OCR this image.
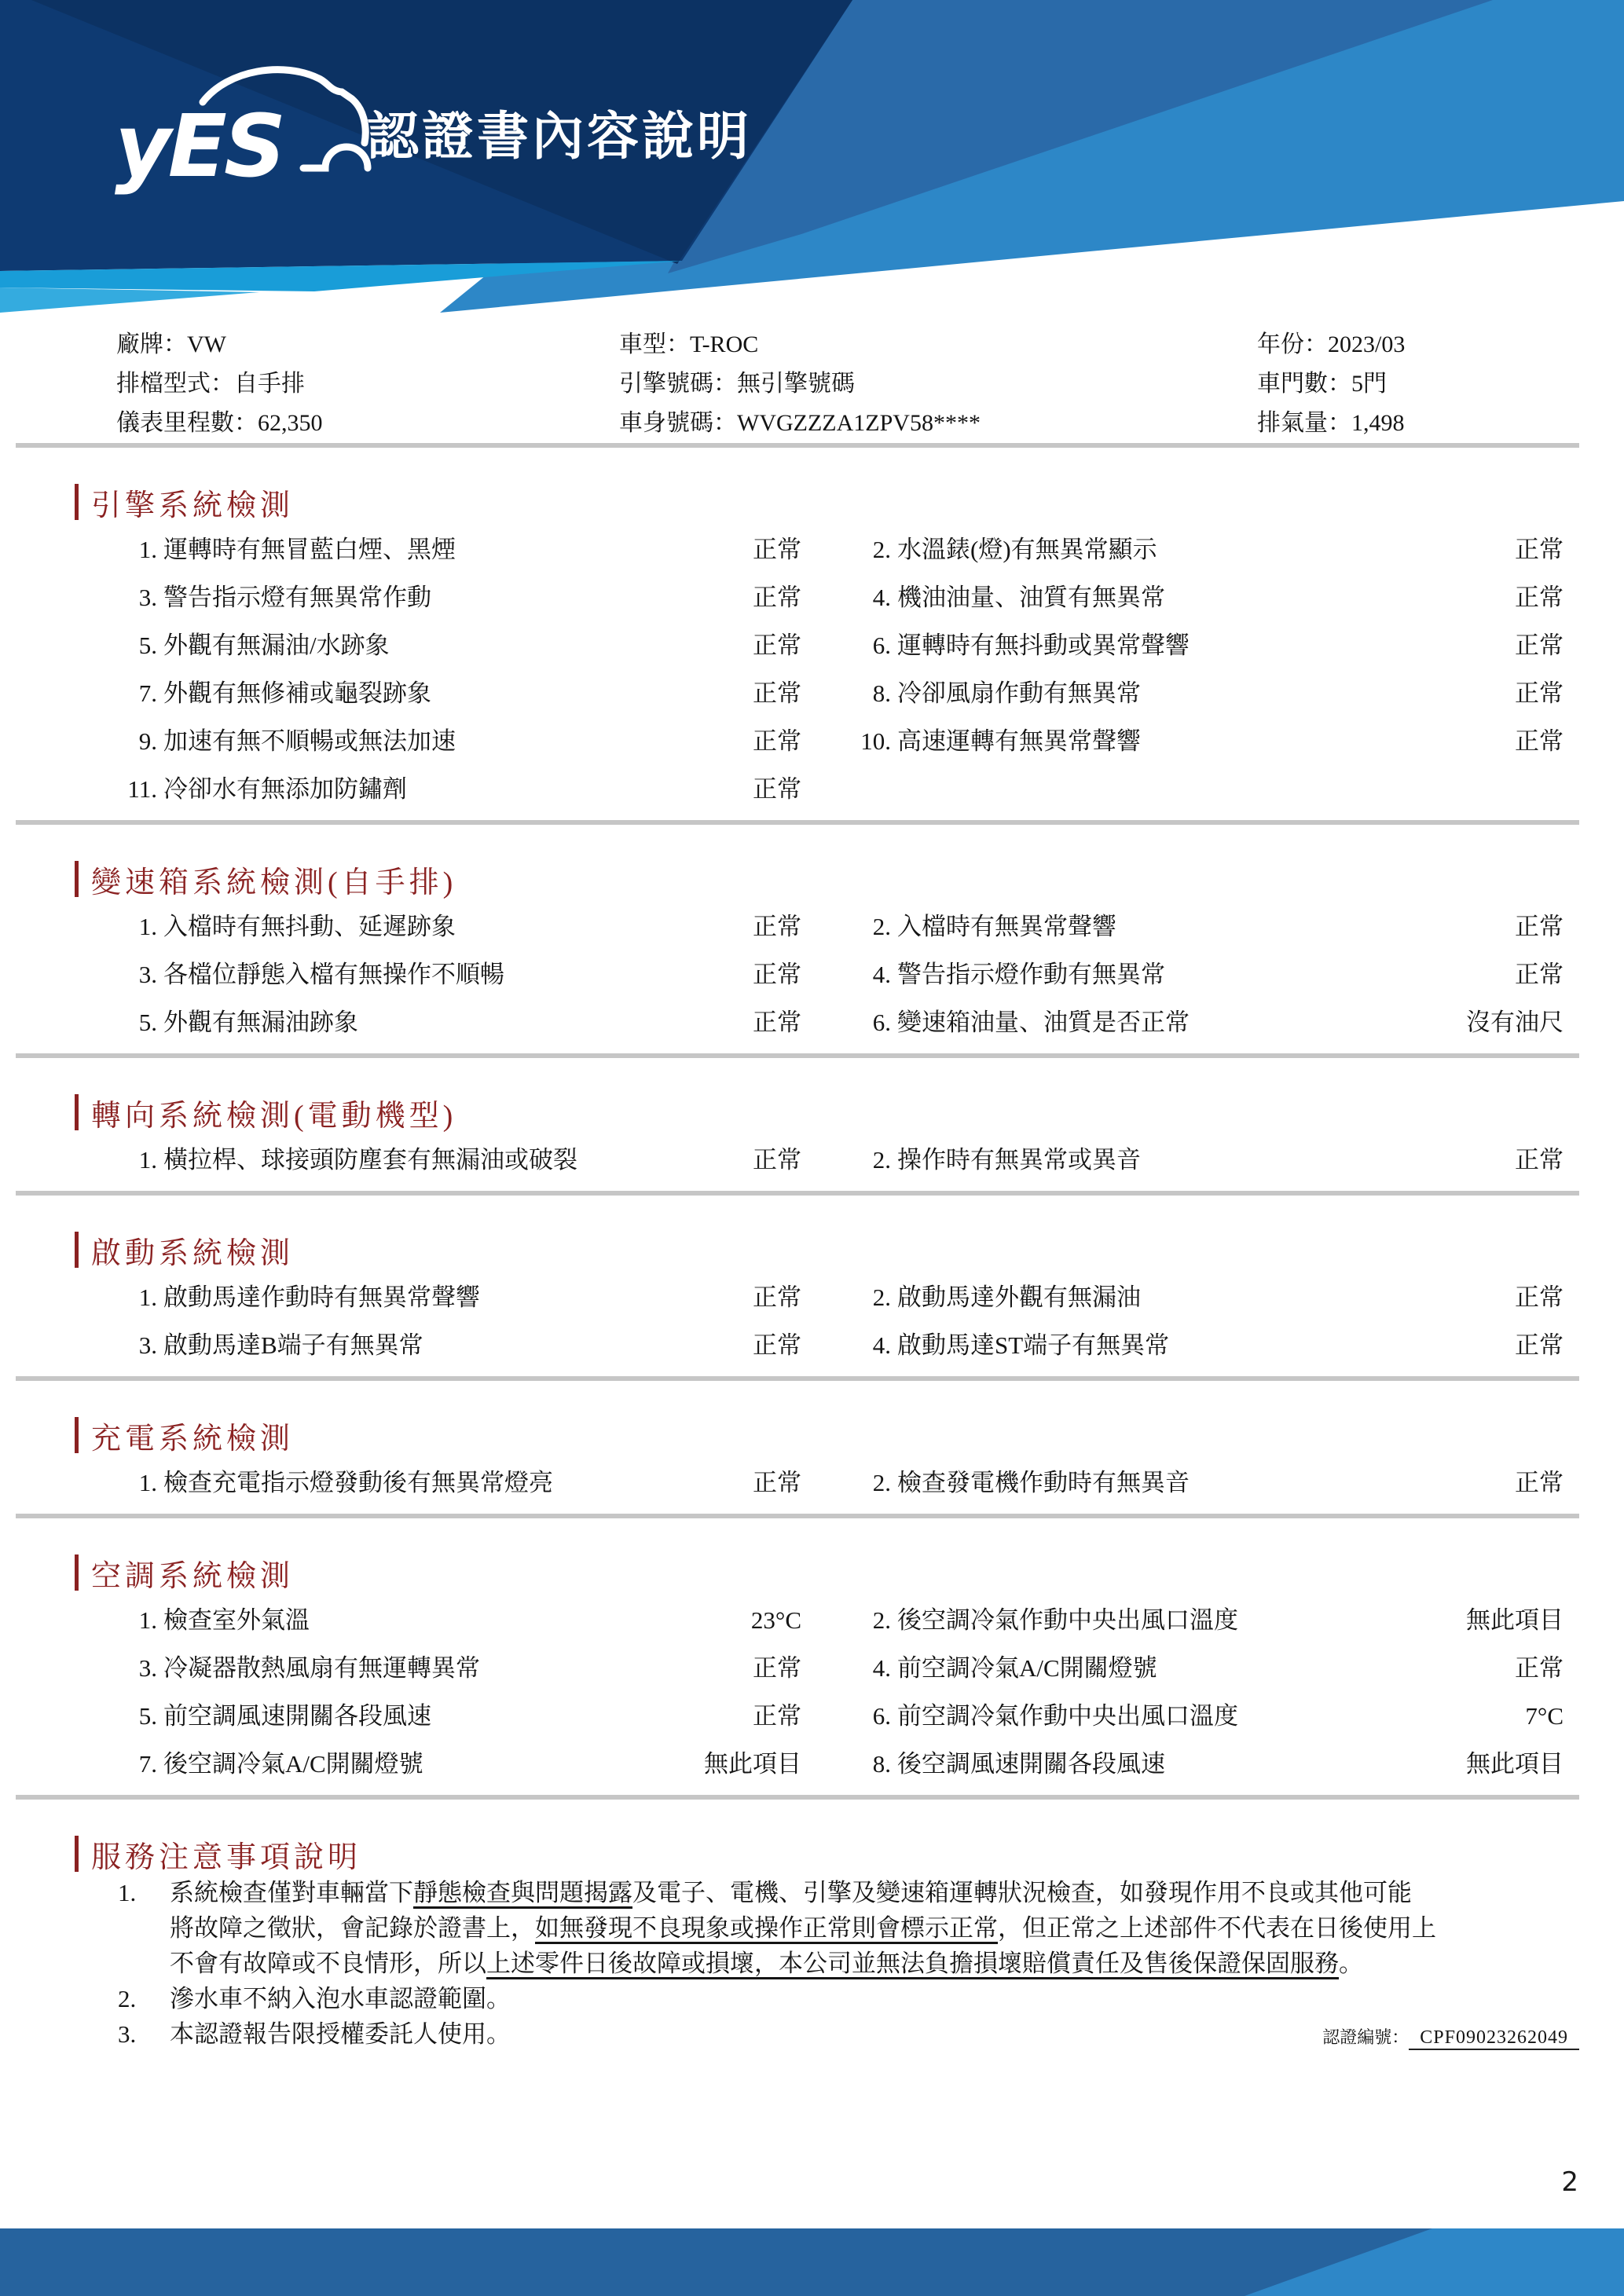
yES 認證書內容說明
廠牌：VW	車型：T-ROC	年份：2023/03
排檔型式：自手排	引擎號碼：無引擎號碼	車門數：5門
儀表里程數：62,350	車身號碼：WVGZZZA1ZPV58****	排氣量：1,498
引擎系統檢測
1. 運轉時有無冒藍白煙、黑煙	正常	2. 水溫錶(燈)有無異常顯示	正常
3. 警告指示燈有無異常作動	正常	4. 機油油量、油質有無異常	正常
5. 外觀有無漏油/水跡象	正常	6. 運轉時有無抖動或異常聲響	正常
7. 外觀有無修補或龜裂跡象	正常	8. 冷卻風扇作動有無異常	正常
9. 加速有無不順暢或無法加速	正常	10. 高速運轉有無異常聲響	正常
11. 冷卻水有無添加防鏽劑	正常
變速箱系統檢測(自手排)
1. 入檔時有無抖動、延遲跡象	正常	2. 入檔時有無異常聲響	正常
3. 各檔位靜態入檔有無操作不順暢	正常	4. 警告指示燈作動有無異常	正常
5. 外觀有無漏油跡象	正常	6. 變速箱油量、油質是否正常	沒有油尺
轉向系統檢測(電動機型)
1. 橫拉桿、球接頭防塵套有無漏油或破裂	正常	2. 操作時有無異常或異音	正常
啟動系統檢測
1. 啟動馬達作動時有無異常聲響	正常	2. 啟動馬達外觀有無漏油	正常
3. 啟動馬達B端子有無異常	正常	4. 啟動馬達ST端子有無異常	正常
充電系統檢測
1. 檢查充電指示燈發動後有無異常燈亮	正常	2. 檢查發電機作動時有無異音	正常
空調系統檢測
1. 檢查室外氣溫	23°C	2. 後空調冷氣作動中央出風口溫度	無此項目
3. 冷凝器散熱風扇有無運轉異常	正常	4. 前空調冷氣A/C開關燈號	正常
5. 前空調風速開關各段風速	正常	6. 前空調冷氣作動中央出風口溫度	7°C
7. 後空調冷氣A/C開關燈號	無此項目	8. 後空調風速開關各段風速	無此項目
服務注意事項說明
1.	系統檢查僅對車輛當下靜態檢查與問題揭露及電子、電機、引擎及變速箱運轉狀況檢查，如發現作用不良或其他可能
將故障之徵狀，會記錄於證書上，如無發現不良現象或操作正常則會標示正常，但正常之上述部件不代表在日後使用上
不會有故障或不良情形，所以上述零件日後故障或損壞，本公司並無法負擔損壞賠償責任及售後保證保固服務。
2.	滲水車不納入泡水車認證範圍。
3.	本認證報告限授權委託人使用。	認證編號： CPF09023262049
2
